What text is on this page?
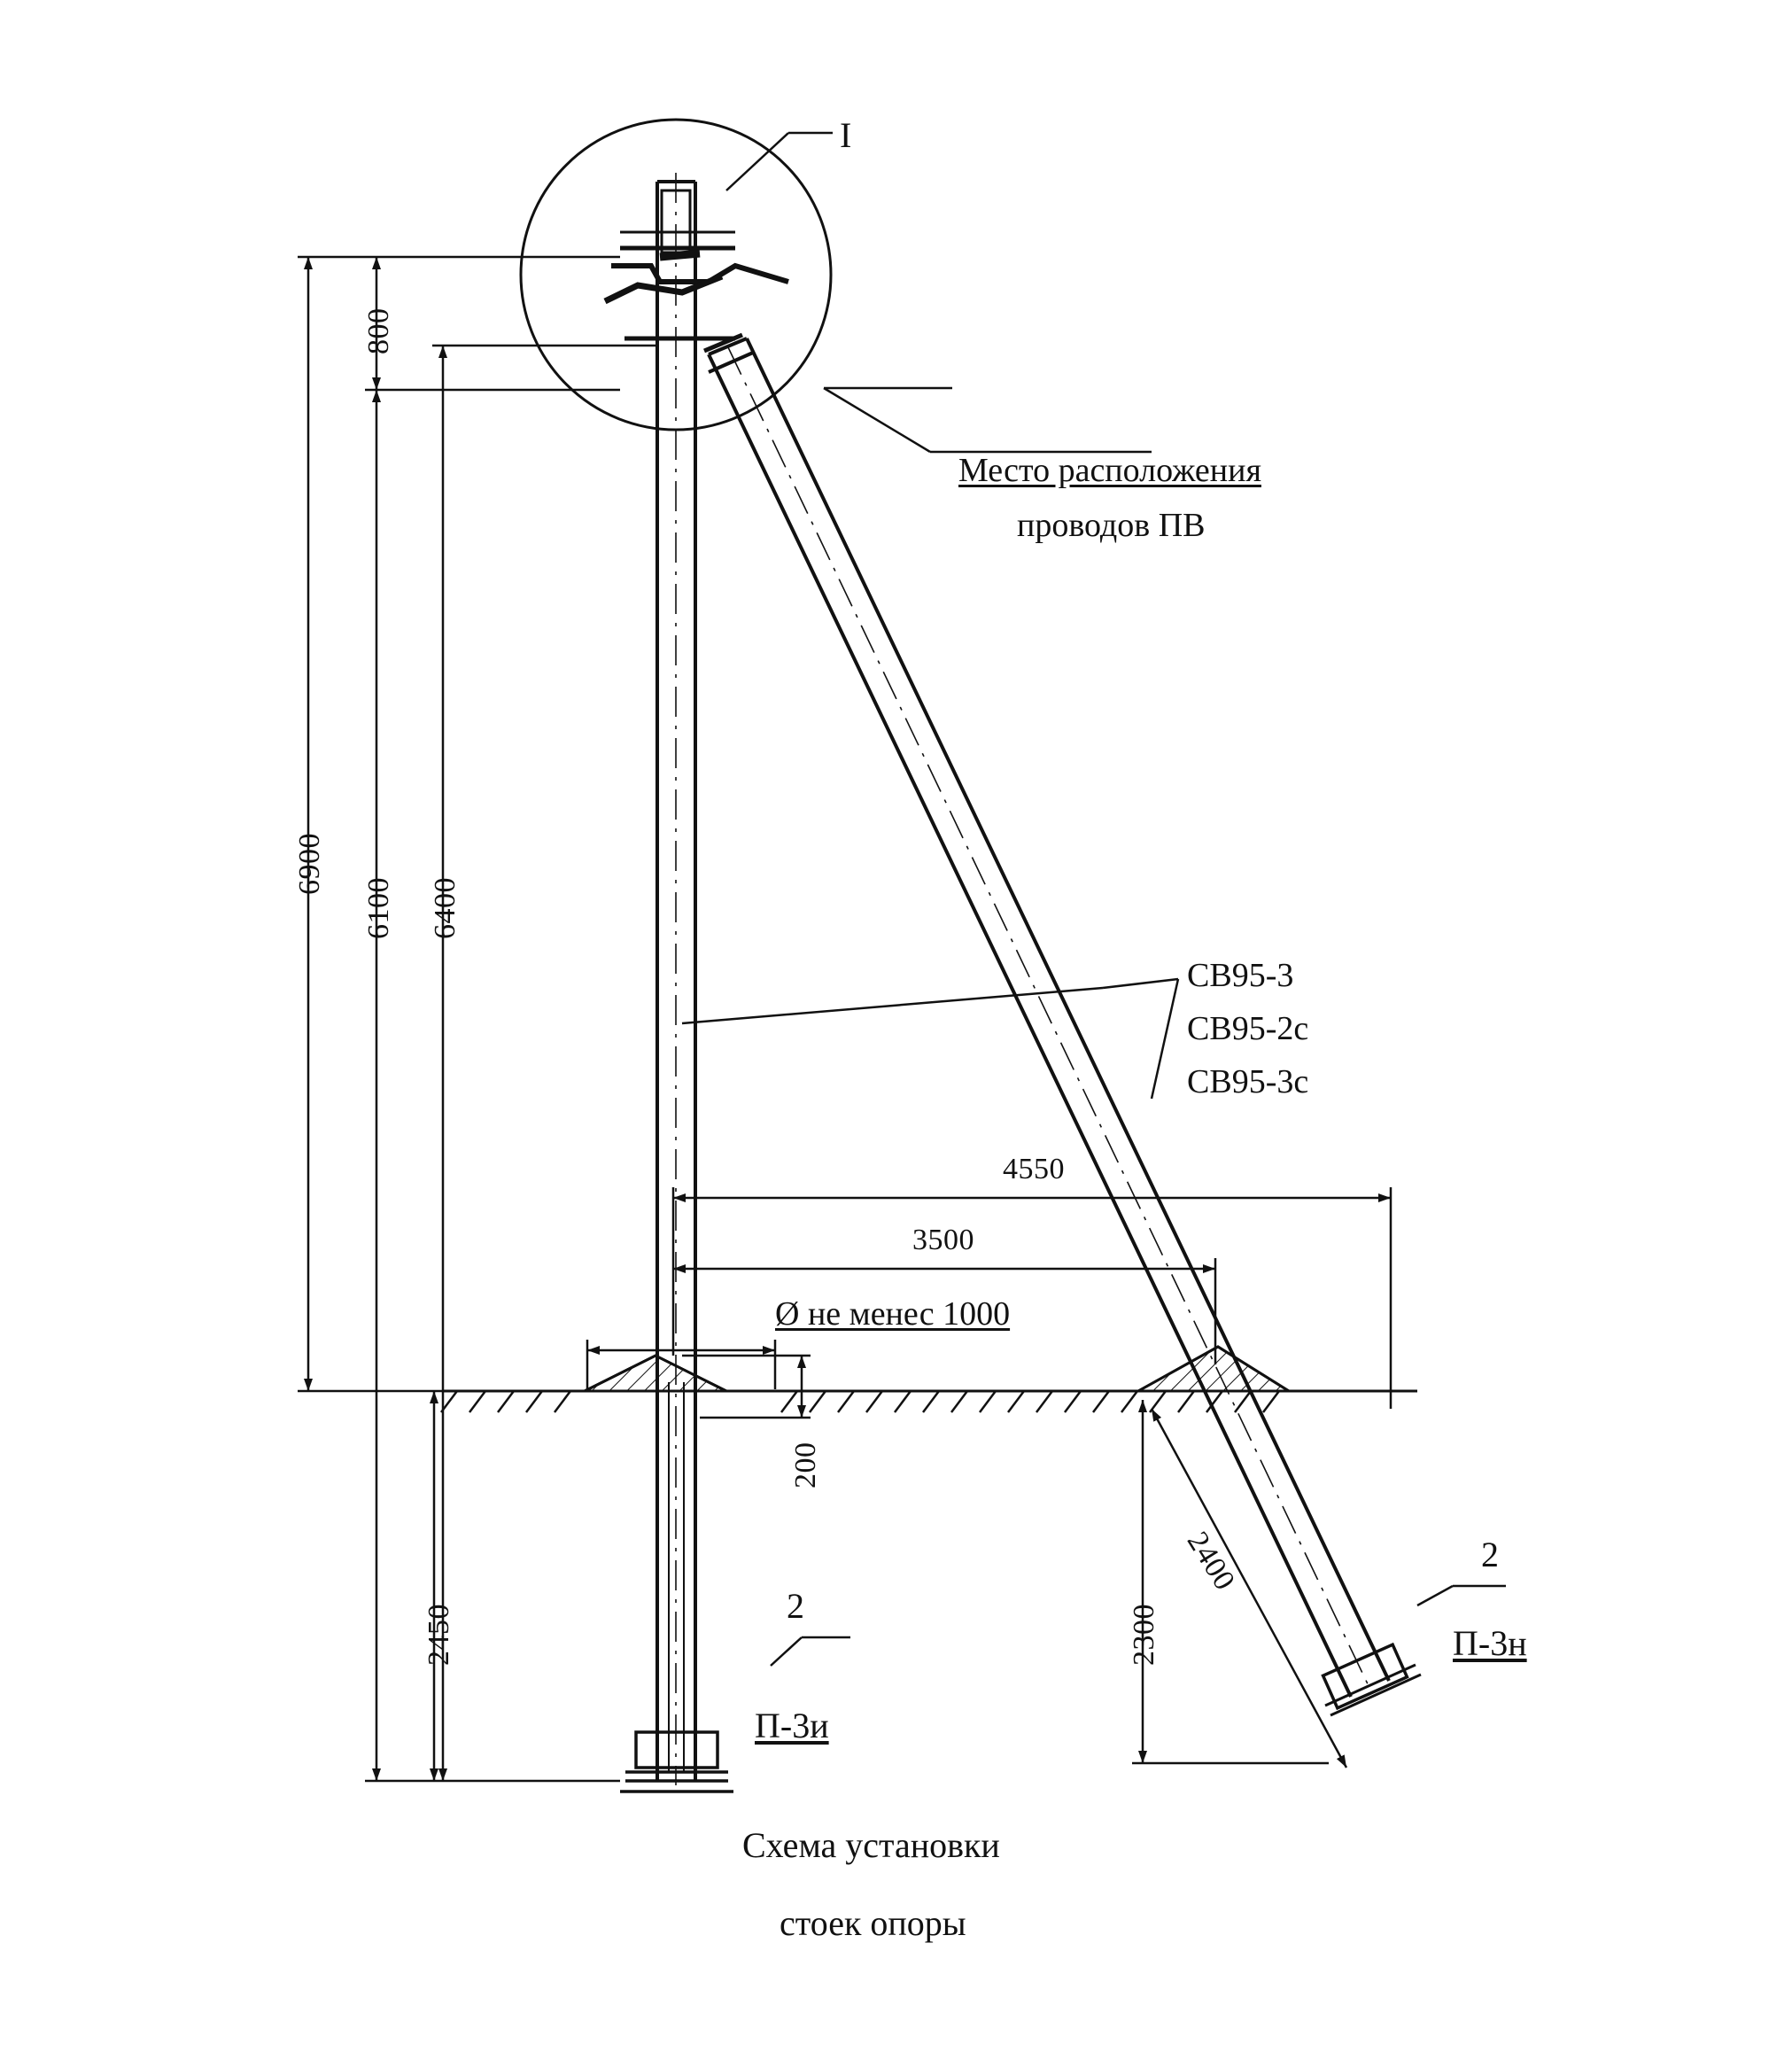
6900
6100 6400
800
2450
200
2300
4550
3500
2400
I
Место расположения
проводов ПВ
СВ95-3
СВ95-2с
СВ95-3с
Ø не менес 1000
2
П-3и
2
П-3н
Схема установки
стоек опоры
